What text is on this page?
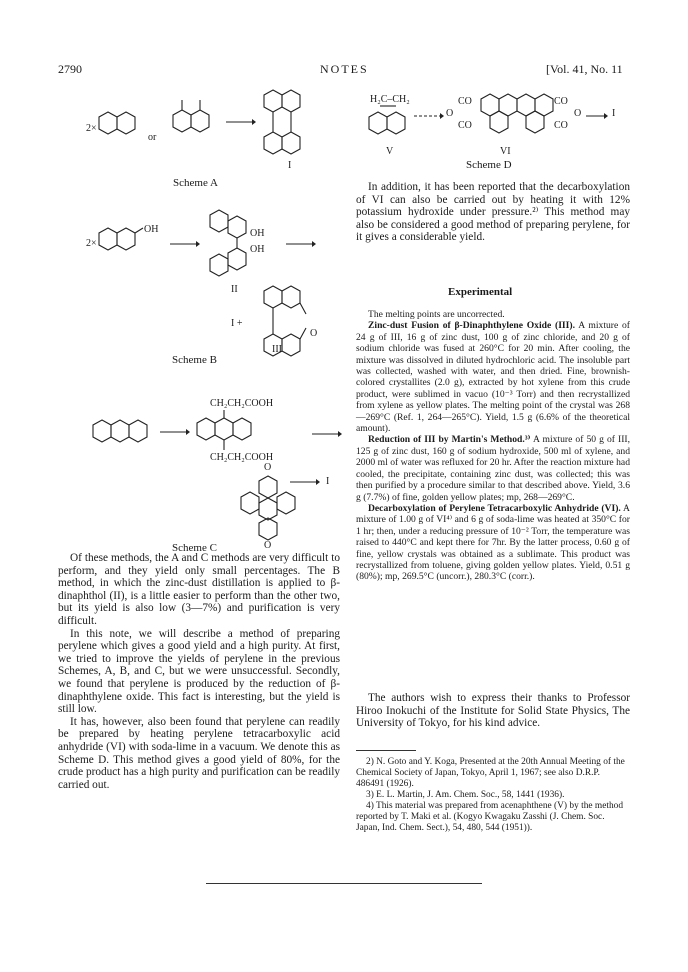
2790	NOTES	[Vol. 41, No. 11
2×
or
I
Scheme A
2×
OH	OH
OH →
II
I +
O
III
Scheme B
CH₂CH₂COOH
CH₂CH₂COOH
O
→ I
O
Scheme C

Of these methods, the A and C methods are very difficult to perform, and they yield only small percentages. The B method, in which the zinc-dust distillation is applied to β-dinaphthol (II), is a little easier to perform than the other two, but its yield is also low (3—7%) and purification is very difficult.

In this note, we will describe a method of preparing perylene which gives a good yield and a high purity. At first, we tried to improve the yields of perylene in the previous Schemes, A, B, and C, but we were unsuccessful. Secondly, we found that perylene is produced by the reduction of β-dinaphthylene oxide. This fact is interesting, but the yield is still low.

It has, however, also been found that perylene can readily be prepared by heating perylene tetracarboxylic acid anhydride (VI) with soda-lime in a vacuum. We denote this as Scheme D. This method gives a good yield of 80%, for the crude product has a high purity and purification can be readily carried out.

H₂C–CH₂
O
CO
CO
CO
CO
O → I
V	VI
Scheme D

In addition, it has been reported that the decarboxylation of VI can also be carried out by heating it with 12% potassium hydroxide under pressure.²⁾ This method may also be considered a good method of preparing perylene, for it gives a considerable yield.

Experimental

The melting points are uncorrected.

Zinc-dust Fusion of β-Dinaphthylene Oxide (III). A mixture of 24 g of III, 16 g of zinc dust, 100 g of zinc chloride, and 20 g of sodium chloride was fused at 260°C for 20 min. After cooling, the mixture was dissolved in diluted hydrochloric acid. The insoluble part was collected, washed with water, and then dried. Fine, brownish-colored crystallites (2.0 g), extracted by hot xylene from this crude product, were sublimed in vacuo (10⁻³ Torr) and then recrystallized from xylene as yellow plates. The melting point of the crystal was 268—269°C (Ref. 1, 264—265°C). Yield, 1.5 g (6.6% of the theoretical amount).

Reduction of III by Martin's Method.³⁾ A mixture of 50 g of III, 125 g of zinc dust, 160 g of sodium hydroxide, 500 ml of xylene, and 2000 ml of water was refluxed for 20 hr. After the reaction mixture had cooled, the precipitate, containing zinc dust, was collected; this was then purified by a procedure similar to that described above. Yield, 3.6 g (7.7%) of fine, golden yellow plates; mp, 268—269°C.

Decarboxylation of Perylene Tetracarboxylic Anhydride (VI). A mixture of 1.00 g of VI⁴⁾ and 6 g of soda-lime was heated at 350°C for 1 hr; then, under a reducing pressure of 10⁻² Torr, the temperature was raised to 440°C and kept there for 7hr. By the latter process, 0.60 g of fine, yellow crystals was obtained as a sublimate. This product was recrystallized from toluene, giving golden yellow plates. Yield, 0.51 g (80%); mp, 269.5°C (uncorr.), 280.3°C (corr.).

The authors wish to express their thanks to Professor Hiroo Inokuchi of the Institute for Solid State Physics, The University of Tokyo, for his kind advice.

2) N. Goto and Y. Koga, Presented at the 20th Annual Meeting of the Chemical Society of Japan, Tokyo, April 1, 1967; see also D.R.P. 486491 (1926).

3) E. L. Martin, J. Am. Chem. Soc., 58, 1441 (1936).

4) This material was prepared from acenaphthene (V) by the method reported by T. Maki et al. (Kogyo Kwagaku Zasshi (J. Chem. Soc. Japan, Ind. Chem. Sect.), 54, 480, 544 (1951)).
